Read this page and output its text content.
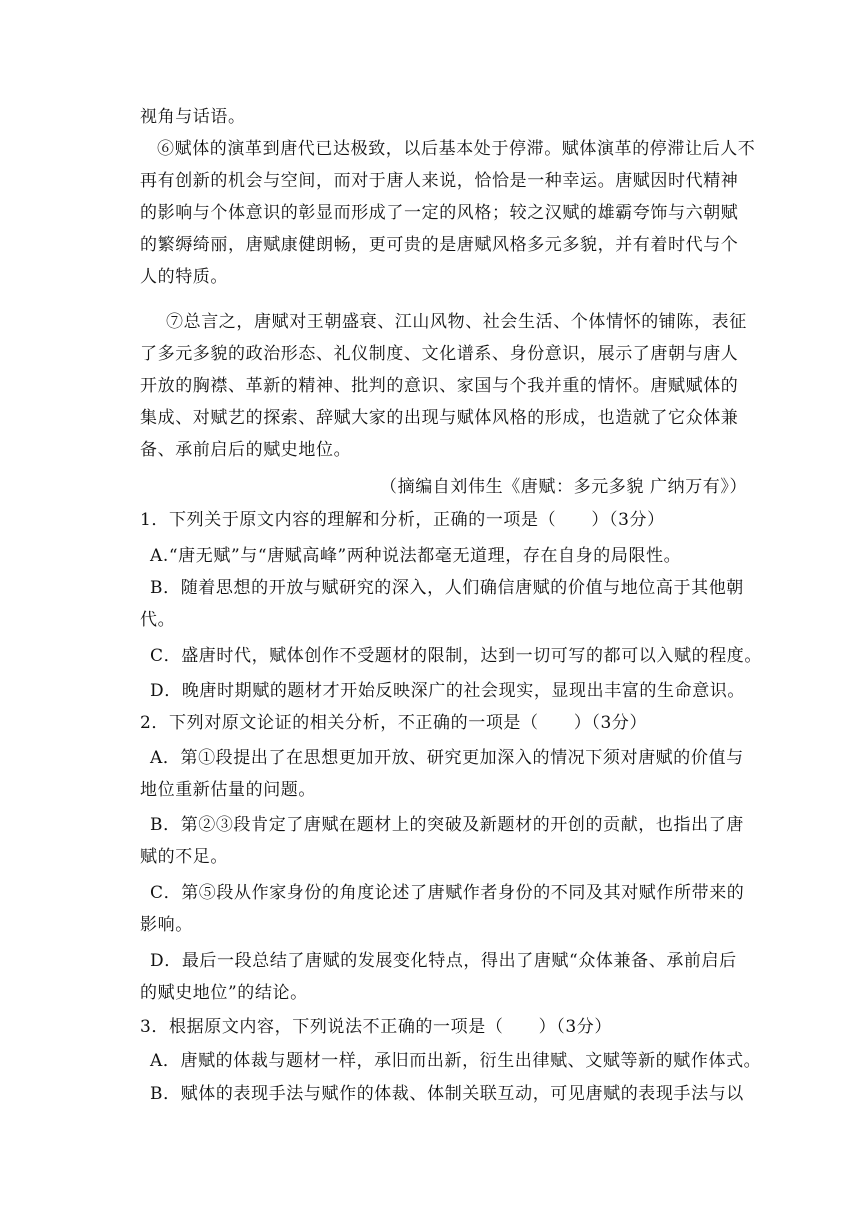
视角与话语。
⑥赋体的演革到唐代已达极致，以后基本处于停滞。赋体演革的停滞让后人不
再有创新的机会与空间，而对于唐人来说，恰恰是一种幸运。唐赋因时代精神
的影响与个体意识的彰显而形成了一定的风格；较之汉赋的雄霸夸饰与六朝赋
的繁缛绮丽，唐赋康健朗畅，更可贵的是唐赋风格多元多貌，并有着时代与个
人的特质。
⑦总言之，唐赋对王朝盛衰、江山风物、社会生活、个体情怀的铺陈，表征
了多元多貌的政治形态、礼仪制度、文化谱系、身份意识，展示了唐朝与唐人
开放的胸襟、革新的精神、批判的意识、家国与个我并重的情怀。唐赋赋体的
集成、对赋艺的探索、辞赋大家的出现与赋体风格的形成，也造就了它众体兼
备、承前启后的赋史地位。
（摘编自刘伟生《唐赋：多元多貌 广纳万有》）
1．下列关于原文内容的理解和分析，正确的一项是（　　）（3分）
A.“唐无赋”与“唐赋高峰”两种说法都毫无道理，存在自身的局限性。
B．随着思想的开放与赋研究的深入，人们确信唐赋的价值与地位高于其他朝
代。
C．盛唐时代，赋体创作不受题材的限制，达到一切可写的都可以入赋的程度。
D．晚唐时期赋的题材才开始反映深广的社会现实，显现出丰富的生命意识。
2．下列对原文论证的相关分析，不正确的一项是（　　）（3分）
A．第①段提出了在思想更加开放、研究更加深入的情况下须对唐赋的价值与
地位重新估量的问题。
B．第②③段肯定了唐赋在题材上的突破及新题材的开创的贡献，也指出了唐
赋的不足。
C．第⑤段从作家身份的角度论述了唐赋作者身份的不同及其对赋作所带来的
影响。
D．最后一段总结了唐赋的发展变化特点，得出了唐赋“众体兼备、承前启后
的赋史地位”的结论。
3．根据原文内容，下列说法不正确的一项是（　　）（3分）
A．唐赋的体裁与题材一样，承旧而出新，衍生出律赋、文赋等新的赋作体式。
B．赋体的表现手法与赋作的体裁、体制关联互动，可见唐赋的表现手法与以
